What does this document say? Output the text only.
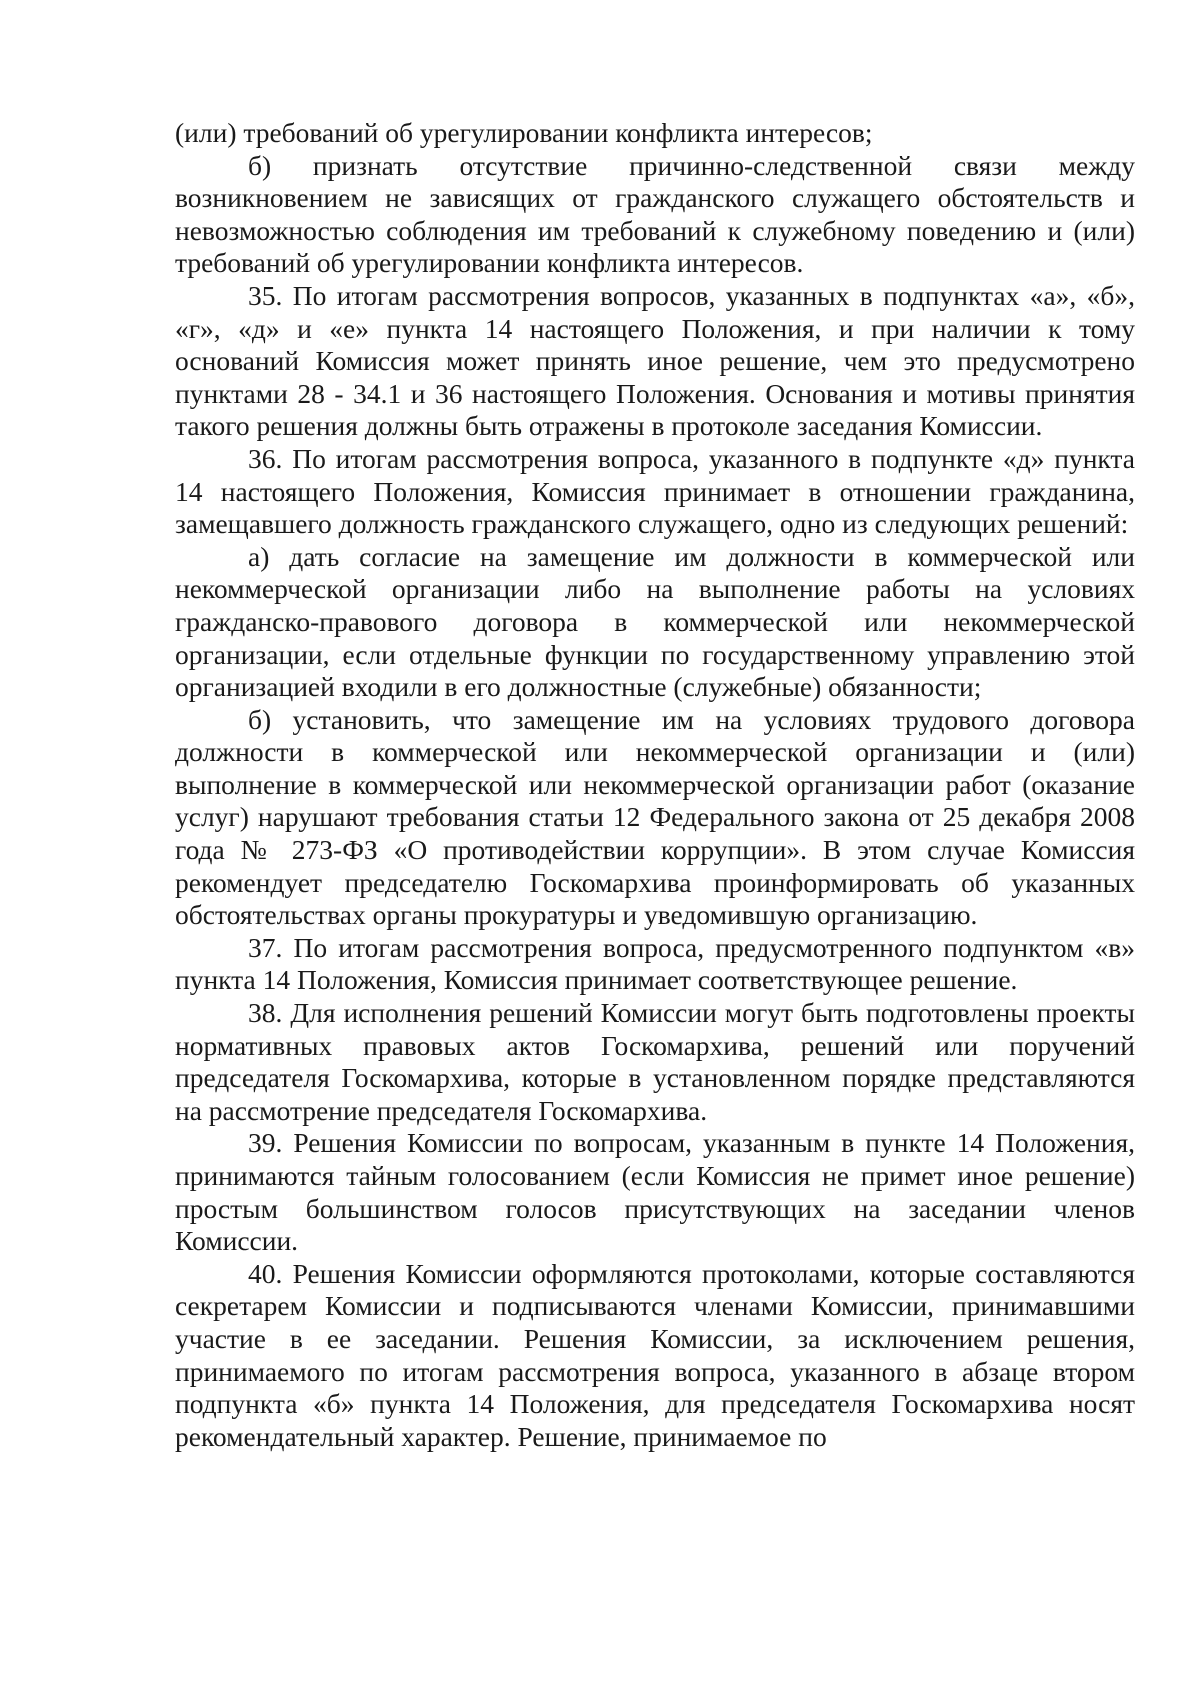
(или) требований об урегулировании конфликта интересов;

б) признать отсутствие причинно-следственной связи между возникновением не зависящих от гражданского служащего обстоятельств и невозможностью соблюдения им требований к служебному поведению и (или) требований об урегулировании конфликта интересов.

35. По итогам рассмотрения вопросов, указанных в подпунктах «а», «б», «г», «д» и «е» пункта 14 настоящего Положения, и при наличии к тому оснований Комиссия может принять иное решение, чем это предусмотрено пунктами 28 - 34.1 и 36 настоящего Положения. Основания и мотивы принятия такого решения должны быть отражены в протоколе заседания Комиссии.

36. По итогам рассмотрения вопроса, указанного в подпункте «д» пункта 14 настоящего Положения, Комиссия принимает в отношении гражданина, замещавшего должность гражданского служащего, одно из следующих решений:

а) дать согласие на замещение им должности в коммерческой или некоммерческой организации либо на выполнение работы на условиях гражданско-правового договора в коммерческой или некоммерческой организации, если отдельные функции по государственному управлению этой организацией входили в его должностные (служебные) обязанности;

б) установить, что замещение им на условиях трудового договора должности в коммерческой или некоммерческой организации и (или) выполнение в коммерческой или некоммерческой организации работ (оказание услуг) нарушают требования статьи 12 Федерального закона от 25 декабря 2008 года № 273-ФЗ «О противодействии коррупции». В этом случае Комиссия рекомендует председателю Госкомархива проинформировать об указанных обстоятельствах органы прокуратуры и уведомившую организацию.

37. По итогам рассмотрения вопроса, предусмотренного подпунктом «в» пункта 14 Положения, Комиссия принимает соответствующее решение.

38. Для исполнения решений Комиссии могут быть подготовлены проекты нормативных правовых актов Госкомархива, решений или поручений председателя Госкомархива, которые в установленном порядке представляются на рассмотрение председателя Госкомархива.

39. Решения Комиссии по вопросам, указанным в пункте 14 Положения, принимаются тайным голосованием (если Комиссия не примет иное решение) простым большинством голосов присутствующих на заседании членов Комиссии.

40. Решения Комиссии оформляются протоколами, которые составляются секретарем Комиссии и подписываются членами Комиссии, принимавшими участие в ее заседании. Решения Комиссии, за исключением решения, принимаемого по итогам рассмотрения вопроса, указанного в абзаце втором подпункта «б» пункта 14 Положения, для председателя Госкомархива носят рекомендательный характер. Решение, принимаемое по
